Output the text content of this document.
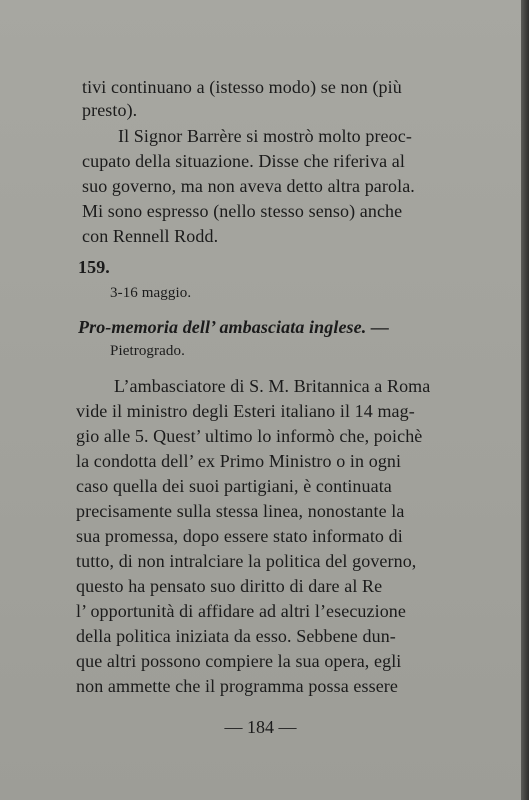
tivi continuano a (istesso modo) se non (più
presto).
Il Signor Barrère si mostrò molto preoc-
cupato della situazione. Disse che riferiva al
suo governo, ma non aveva detto altra parola.
Mi sono espresso (nello stesso senso) anche
con Rennell Rodd.
159.
3-16 maggio.
Pro-memoria dell’ ambasciata inglese. —
Pietrogrado.
L’ambasciatore di S. M. Britannica a Roma
vide il ministro degli Esteri italiano il 14 mag-
gio alle 5. Quest’ ultimo lo informò che, poichè
la condotta dell’ ex Primo Ministro o in ogni
caso quella dei suoi partigiani, è continuata
precisamente sulla stessa linea, nonostante la
sua promessa, dopo essere stato informato di
tutto, di non intralciare la politica del governo,
questo ha pensato suo diritto di dare al Re
l’ opportunità di affidare ad altri l’esecuzione
della politica iniziata da esso. Sebbene dun-
que altri possono compiere la sua opera, egli
non ammette che il programma possa essere
— 184 —
